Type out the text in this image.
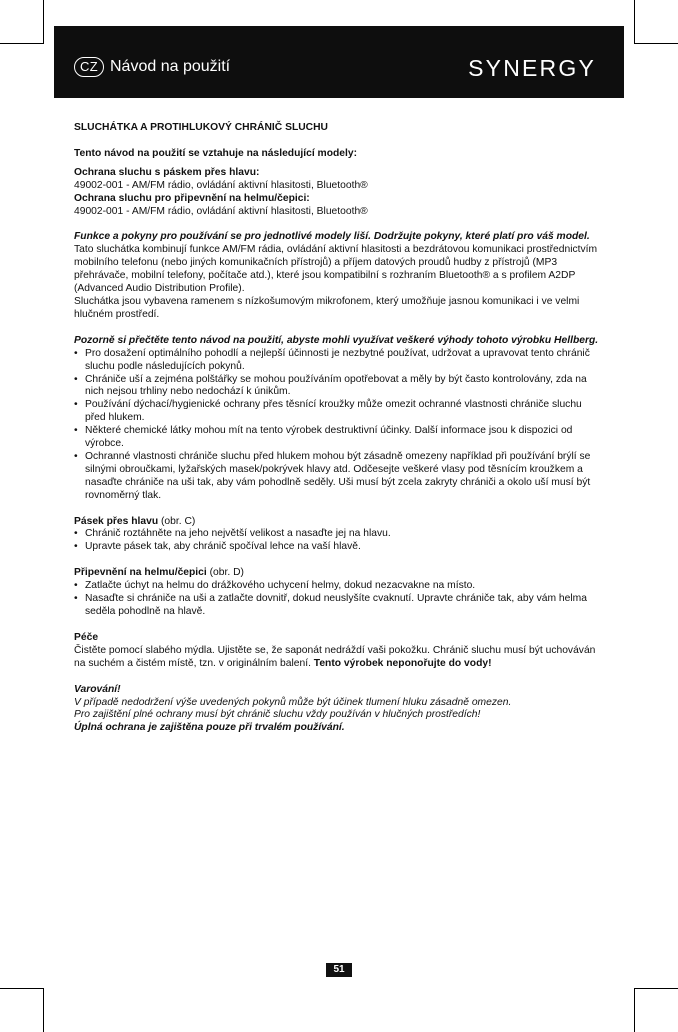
CZ Návod na použití	SYNERGY

SLUCHÁTKA A PROTIHLUKOVÝ CHRÁNIČ SLUCHU

Tento návod na použití se vztahuje na následující modely:

Ochrana sluchu s páskem přes hlavu:

49002-001 - AM/FM rádio, ovládání aktivní hlasitosti, Bluetooth®

Ochrana sluchu pro připevnění na helmu/čepici:

49002-001 - AM/FM rádio, ovládání aktivní hlasitosti, Bluetooth®

Funkce a pokyny pro používání se pro jednotlivé modely liší. Dodržujte pokyny, které platí pro váš model.

Tato sluchátka kombinují funkce AM/FM rádia, ovládání aktivní hlasitosti a bezdrátovou komunikaci prostřednictvím mobilního telefonu (nebo jiných komunikačních přístrojů) a příjem datových proudů hudby z přístrojů (MP3 přehrávače, mobilní telefony, počítače atd.), které jsou kompatibilní s rozhraním Bluetooth® a s profilem A2DP (Advanced Audio Distribution Profile).

Sluchátka jsou vybavena ramenem s nízkošumovým mikrofonem, který umožňuje jasnou komunikaci i ve velmi hlučném prostředí.

Pozorně si přečtěte tento návod na použití, abyste mohli využívat veškeré výhody tohoto výrobku Hellberg.

• Pro dosažení optimálního pohodlí a nejlepší účinnosti je nezbytné používat, udržovat a upravovat tento chránič sluchu podle následujících pokynů.
• Chrániče uší a zejména polštářky se mohou používáním opotřebovat a měly by být často kontrolovány, zda na nich nejsou trhliny nebo nedochází k únikům.
• Používání dýchací/hygienické ochrany přes těsnící kroužky může omezit ochranné vlastnosti chrániče sluchu před hlukem.
• Některé chemické látky mohou mít na tento výrobek destruktivní účinky. Další informace jsou k dispozici od výrobce.
• Ochranné vlastnosti chrániče sluchu před hlukem mohou být zásadně omezeny například při používání brýlí se silnými obroučkami, lyžařských masek/pokrývek hlavy atd. Odčesejte veškeré vlasy pod těsnícím kroužkem a nasaďte chrániče na uši tak, aby vám pohodlně seděly. Uši musí být zcela zakryty chrániči a okolo uší musí být rovnoměrný tlak.

Pásek přes hlavu (obr. C)

• Chránič roztáhněte na jeho největší velikost a nasaďte jej na hlavu.
• Upravte pásek tak, aby chránič spočíval lehce na vaší hlavě.

Připevnění na helmu/čepici (obr. D)

• Zatlačte úchyt na helmu do drážkového uchycení helmy, dokud nezacvakne na místo.
• Nasaďte si chrániče na uši a zatlačte dovnitř, dokud neuslyšíte cvaknutí. Upravte chrániče tak, aby vám helma seděla pohodlně na hlavě.

Péče

Čistěte pomocí slabého mýdla. Ujistěte se, že saponát nedráždí vaši pokožku. Chránič sluchu musí být uchováván na suchém a čistém místě, tzn. v originálním balení. Tento výrobek neponořujte do vody!

Varování!

V případě nedodržení výše uvedených pokynů může být účinek tlumení hluku zásadně omezen.

Pro zajištění plné ochrany musí být chránič sluchu vždy používán v hlučných prostředích!

Úplná ochrana je zajištěna pouze při trvalém používání.

51
